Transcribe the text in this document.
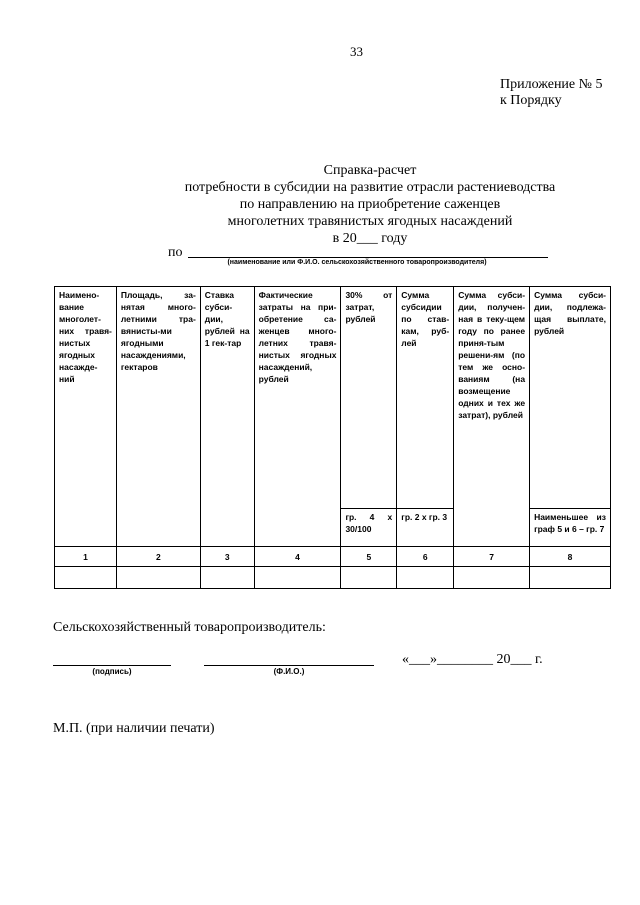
33
Приложение № 5
к Порядку
Справка-расчет
потребности в субсидии на развитие отрасли растениеводства
по направлению на приобретение саженцев
многолетних травянистых ягодных насаждений
в 20___ году
по
(наименование или Ф.И.О. сельскохозяйственного товаропроизводителя)
Наимено-вание многолет-них травя-нистых ягодных насажде-ний	Площадь, за-нятая много-летними тра-вянисты-ми ягодными насаждениями, гектаров	Ставка субси-дии, рублей на 1 гек-тар	Фактические затраты на при-обретение са-женцев много-летних травя-нистых ягодных насаждений, рублей	30% от затрат, рублей	Сумма субсидии по став-кам, руб-лей	Сумма субси-дии, получен-ная в теку-щем году по ранее приня-тым решени-ям (по тем же осно-ваниям (на возмещение одних и тех же затрат), рублей	Сумма субси-дии, подлежа-щая выплате, рублей
				гр. 4 х 30/100	гр. 2 х гр. 3		Наименьшее из граф 5 и 6 – гр. 7
1	2	3	4	5	6	7	8

Сельскохозяйственный товаропроизводитель:
(подпись)	(Ф.И.О.)
«___»________ 20___ г.
М.П. (при наличии печати)
